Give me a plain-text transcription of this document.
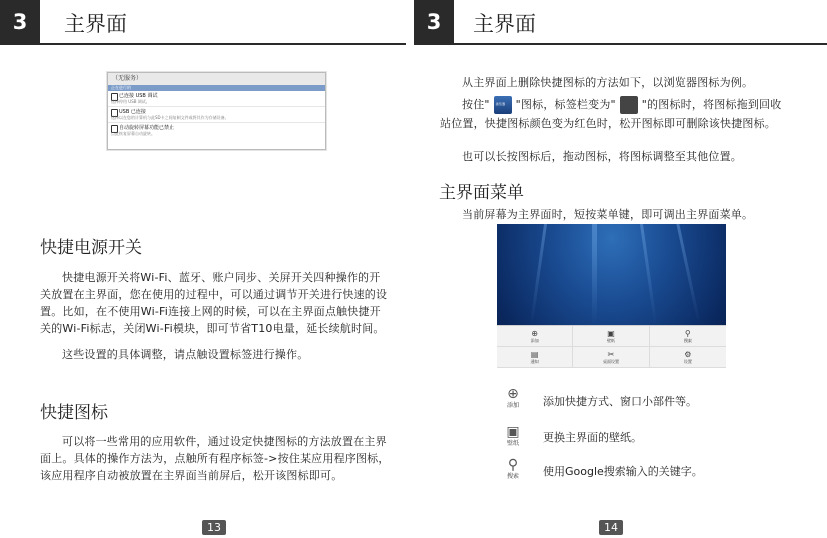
3 主界面	3 主界面
（无服务）
正在进行的
已连接 USB 调试
选择停用 USB 调试。
USB 已连接
选择以在您的计算机与此SD卡之间复制文件或将其作为存储设备。
自动旋转屏幕功能已禁止
点此恢复屏幕自动旋转。
快捷电源开关
快捷电源开关将Wi-Fi、蓝牙、账户同步、关屏开关四种操作的开关放置在主界面，您在使用的过程中，可以通过调节开关进行快速的设置。比如，在不使用Wi-Fi连接上网的时候，可以在主界面点触快捷开关的Wi-Fi标志，关闭Wi-Fi模块，即可节省T10电量，延长续航时间。
这些设置的具体调整，请点触设置标签进行操作。
快捷图标
可以将一些常用的应用软件，通过设定快捷图标的方法放置在主界面上。具体的操作方法为，点触所有程序标签->按住某应用程序图标，该应用程序自动被放置在主界面当前屏后，松开该图标即可。
13
从主界面上删除快捷图标的方法如下，以浏览器图标为例。
按住" 浏览器 "图标，标签栏变为" "的图标时，将图标拖到回收站位置，快捷图标颜色变为红色时，松开图标即可删除该快捷图标。
也可以长按图标后，拖动图标，将图标调整至其他位置。
主界面菜单
当前屏幕为主界面时，短按菜单键，即可调出主界面菜单。
⊕
添加
▣
壁纸
⚲
搜索
▤
通知
✂
桌面设置
⚙
设置
⊕
添加	添加快捷方式、窗口小部件等。
▣
壁纸	更换主界面的壁纸。
⚲
搜索	使用Google搜索输入的关键字。
14
